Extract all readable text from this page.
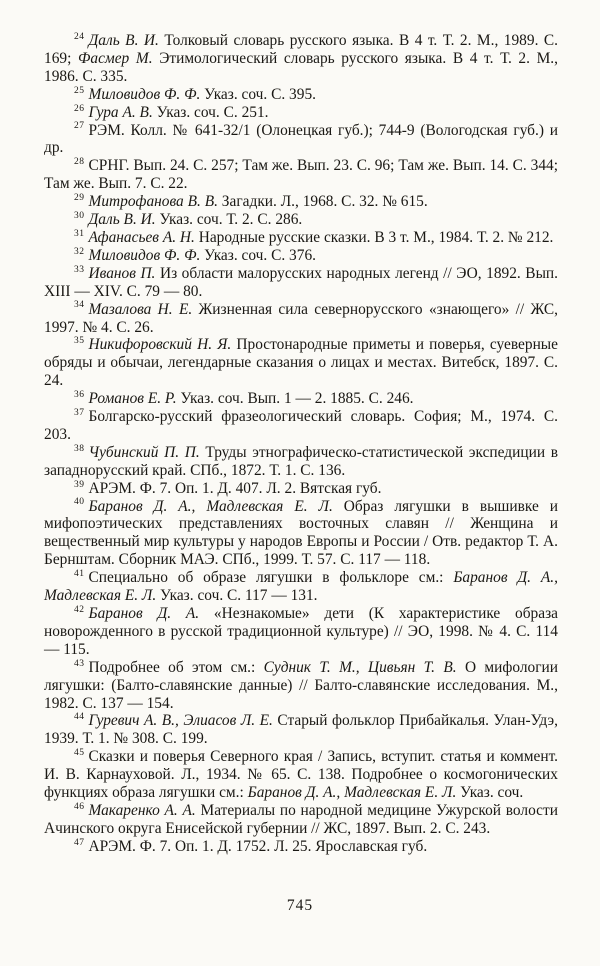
$^{24}$ Даль В. И. Толковый словарь русского языка. В 4 т. Т. 2. М., 1989. С. 169; Фасмер М. Этимологический словарь русского языка. В 4 т. Т. 2. М., 1986. С. 335.

$^{25}$ Миловидов Ф. Ф. Указ. соч. С. 395.

$^{26}$ Гура А. В. Указ. соч. С. 251.

$^{27}$ РЭМ. Колл. № 641-32/1 (Олонецкая губ.); 744-9 (Вологодская губ.) и др.

$^{28}$ СРНГ. Вып. 24. С. 257; Там же. Вып. 23. С. 96; Там же. Вып. 14. С. 344; Там же. Вып. 7. С. 22.

$^{29}$ Митрофанова В. В. Загадки. Л., 1968. С. 32. № 615.

$^{30}$ Даль В. И. Указ. соч. Т. 2. С. 286.

$^{31}$ Афанасьев А. Н. Народные русские сказки. В 3 т. М., 1984. Т. 2. № 212.

$^{32}$ Миловидов Ф. Ф. Указ. соч. С. 376.

$^{33}$ Иванов П. Из области малорусских народных легенд // ЭО, 1892. Вып. XIII — XIV. С. 79 — 80.

$^{34}$ Мазалова Н. Е. Жизненная сила севернорусского «знающего» // ЖС, 1997. № 4. С. 26.

$^{35}$ Никифоровский Н. Я. Простонародные приметы и поверья, суеверные обряды и обычаи, легендарные сказания о лицах и местах. Витебск, 1897. С. 24.

$^{36}$ Романов Е. Р. Указ. соч. Вып. 1 — 2. 1885. С. 246.

$^{37}$ Болгарско-русский фразеологический словарь. София; М., 1974. С. 203.

$^{38}$ Чубинский П. П. Труды этнографическо-статистической экспедиции в западнорусский край. СПб., 1872. Т. 1. С. 136.

$^{39}$ АРЭМ. Ф. 7. Оп. 1. Д. 407. Л. 2. Вятская губ.

$^{40}$ Баранов Д. А., Мадлевская Е. Л. Образ лягушки в вышивке и мифопоэтических представлениях восточных славян // Женщина и вещественный мир культуры у народов Европы и России / Отв. редактор Т. А. Бернштам. Сборник МАЭ. СПб., 1999. Т. 57. С. 117 — 118.

$^{41}$ Специально об образе лягушки в фольклоре см.: Баранов Д. А., Мадлевская Е. Л. Указ. соч. С. 117 — 131.

$^{42}$ Баранов Д. А. «Незнакомые» дети (К характеристике образа новорожденного в русской традиционной культуре) // ЭО, 1998. № 4. С. 114 — 115.

$^{43}$ Подробнее об этом см.: Судник Т. М., Цивьян Т. В. О мифологии лягушки: (Балто-славянские данные) // Балто-славянские исследования. М., 1982. С. 137 — 154.

$^{44}$ Гуревич А. В., Элиасов Л. Е. Старый фольклор Прибайкалья. Улан-Удэ, 1939. Т. 1. № 308. С. 199.

$^{45}$ Сказки и поверья Северного края / Запись, вступит. статья и коммент. И. В. Карнауховой. Л., 1934. № 65. С. 138. Подробнее о космогонических функциях образа лягушки см.: Баранов Д. А., Мадлевская Е. Л. Указ. соч.

$^{46}$ Макаренко А. А. Материалы по народной медицине Ужурской волости Ачинского округа Енисейской губернии // ЖС, 1897. Вып. 2. С. 243.

$^{47}$ АРЭМ. Ф. 7. Оп. 1. Д. 1752. Л. 25. Ярославская губ.

745
